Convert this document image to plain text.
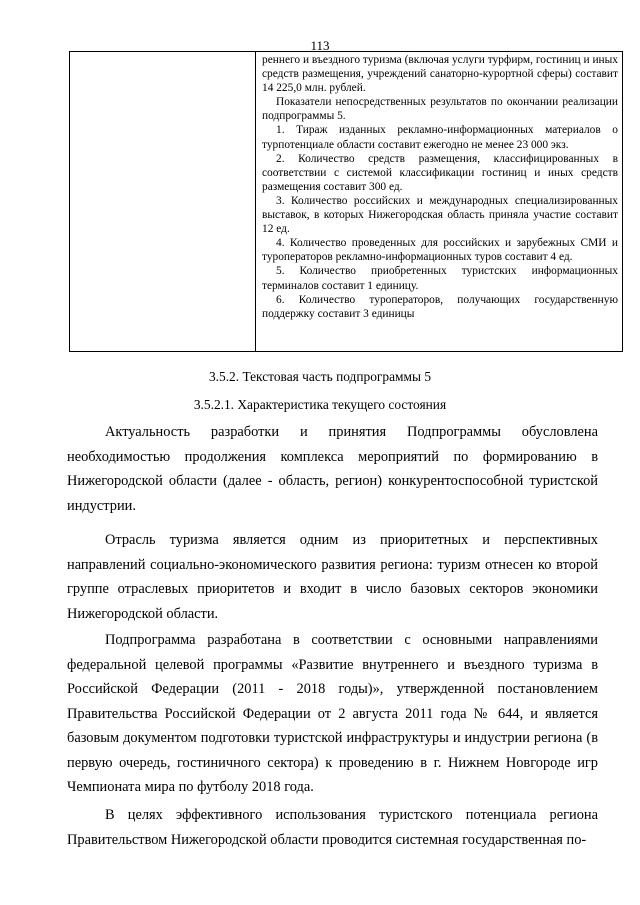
113

реннего и въездного туризма (включая услуги турфирм, гостиниц и иных средств размещения, учреждений санаторно-курортной сферы) составит 14 225,0 млн. рублей.

Показатели непосредственных результатов по окончании реализации подпрограммы 5.

1. Тираж изданных рекламно-информационных материалов о турпотенциале области составит ежегодно не менее 23 000 экз.

2. Количество средств размещения, классифицированных в соответствии с системой классификации гостиниц и иных средств размещения составит 300 ед.

3. Количество российских и международных специализированных выставок, в которых Нижегородская область приняла участие составит 12 ед.

4. Количество проведенных для российских и зарубежных СМИ и туроператоров рекламно-информационных туров составит 4 ед.

5. Количество приобретенных туристских информационных терминалов составит 1 единицу.

6. Количество туроператоров, получающих государственную поддержку составит 3 единицы

3.5.2. Текстовая часть подпрограммы 5
3.5.2.1. Характеристика текущего состояния

Актуальность разработки и принятия Подпрограммы обусловлена необходимостью продолжения комплекса мероприятий по формированию в Нижегородской области (далее - область, регион) конкурентоспособной туристской индустрии.

Отрасль туризма является одним из приоритетных и перспективных направлений социально-экономического развития региона: туризм отнесен ко второй группе отраслевых приоритетов и входит в число базовых секторов экономики Нижегородской области.

Подпрограмма разработана в соответствии с основными направлениями федеральной целевой программы «Развитие внутреннего и въездного туризма в Российской Федерации (2011 - 2018 годы)», утвержденной постановлением Правительства Российской Федерации от 2 августа 2011 года № 644, и является базовым документом подготовки туристской инфраструктуры и индустрии региона (в первую очередь, гостиничного сектора) к проведению в г. Нижнем Новгороде игр Чемпионата мира по футболу 2018 года.

В целях эффективного использования туристского потенциала региона Правительством Нижегородской области проводится системная государственная по-
